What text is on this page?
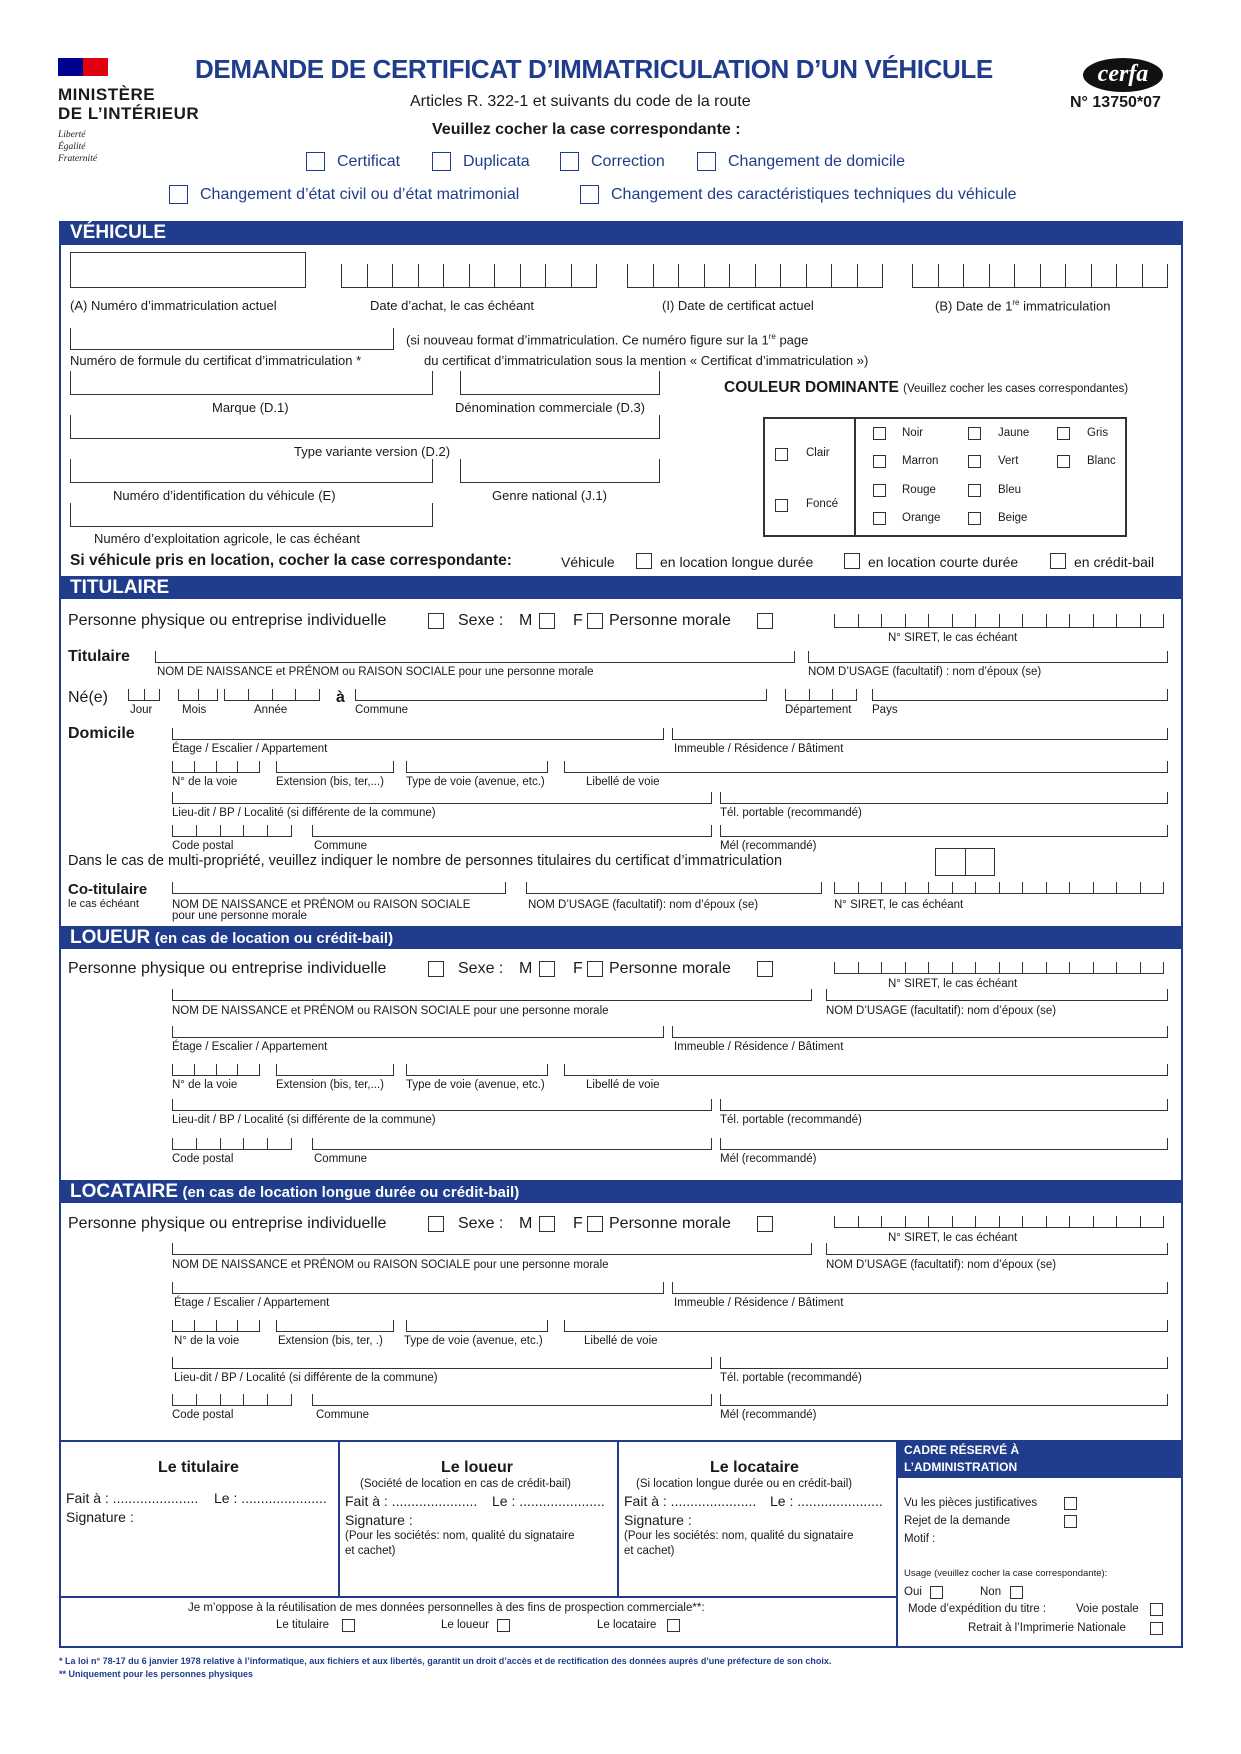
MINISTÈRE
DE L’INTÉRIEUR
Liberté
Égalité
Fraternité
DEMANDE DE CERTIFICAT D’IMMATRICULATION D’UN VÉHICULE
Articles R. 322-1 et suivants du code de la route
Veuillez cocher la case correspondante :
cerfa
N° 13750*07
Certificat	Duplicata	Correction	Changement de domicile
Changement d’état civil ou d’état matrimonial	Changement des caractéristiques techniques du véhicule
VÉHICULE
(A) Numéro d’immatriculation actuel	Date d’achat, le cas échéant	(I) Date de certificat actuel	(B) Date de 1re immatriculation
(si nouveau format d’immatriculation. Ce numéro figure sur la 1re page
Numéro de formule du certificat d’immatriculation *	du certificat d’immatriculation sous la mention « Certificat d’immatriculation »)
Marque (D.1)	Dénomination commerciale (D.3)
COULEUR DOMINANTE (Veuillez cocher les cases correspondantes)
Type variante version (D.2)
Numéro d’identification du véhicule (E)	Genre national (J.1)
Numéro d’exploitation agricole, le cas échéant
Clair
Foncé
Noir	Jaune	Gris
Marron	Vert	Blanc
Rouge	Bleu
Orange	Beige
Si véhicule pris en location, cocher la case correspondante:	Véhicule	en location longue durée	en location courte durée	en crédit-bail
TITULAIRE
Personne physique ou entreprise individuelle	Sexe : M	F Personne morale
N° SIRET, le cas échéant
Titulaire
NOM DE NAISSANCE et PRÉNOM ou RAISON SOCIALE pour une personne morale	NOM D’USAGE (facultatif) : nom d’époux (se)
Né(e)
Jour	Mois	Année
à
Commune	Département Pays
Domicile
Étage / Escalier / Appartement	Immeuble / Résidence / Bâtiment
N° de la voie	Extension (bis, ter,...) Type de voie (avenue, etc.)	Libellé de voie
Lieu-dit / BP / Localité (si différente de la commune)	Tél. portable (recommandé)
Code postal	Commune	Mél (recommandé)
Dans le cas de multi-propriété, veuillez indiquer le nombre de personnes titulaires du certificat d’immatriculation
Co-titulaire
le cas échéant	NOM DE NAISSANCE et PRÉNOM ou RAISON SOCIALE
pour une personne morale
NOM D’USAGE (facultatif): nom d’époux (se)	N° SIRET, le cas échéant
LOUEUR (en cas de location ou crédit-bail)
Personne physique ou entreprise individuelle	Sexe : M	F Personne morale
N° SIRET, le cas échéant
NOM DE NAISSANCE et PRÉNOM ou RAISON SOCIALE pour une personne morale	NOM D’USAGE (facultatif): nom d’époux (se)
Étage / Escalier / Appartement	Immeuble / Résidence / Bâtiment
N° de la voie	Extension (bis, ter,...) Type de voie (avenue, etc.)	Libellé de voie
Lieu-dit / BP / Localité (si différente de la commune)	Tél. portable (recommandé)
Code postal	Commune	Mél (recommandé)
LOCATAIRE (en cas de location longue durée ou crédit-bail)
Personne physique ou entreprise individuelle	Sexe : M	F Personne morale
N° SIRET, le cas échéant
NOM DE NAISSANCE et PRÉNOM ou RAISON SOCIALE pour une personne morale	NOM D’USAGE (facultatif): nom d’époux (se)
Étage / Escalier / Appartement	Immeuble / Résidence / Bâtiment
N° de la voie	Extension (bis, ter, .) Type de voie (avenue, etc.)	Libellé de voie
Lieu-dit / BP / Localité (si différente de la commune)	Tél. portable (recommandé)
Code postal	Commune	Mél (recommandé)
Le titulaire
Fait à : ...................... Le : ......................
Signature :
Le loueur
(Société de location en cas de crédit-bail)
Fait à : ...................... Le : ......................
Signature :
(Pour les sociétés: nom, qualité du signataire
et cachet)
Le locataire
(Si location longue durée ou en crédit-bail)
Fait à : ...................... Le : ......................
Signature :
(Pour les sociétés: nom, qualité du signataire
et cachet)
CADRE RÉSERVÉ À
L’ADMINISTRATION
Vu les pièces justificatives
Rejet de la demande
Motif :
Usage (veuillez cocher la case correspondante):
Oui	Non
Mode d’expédition du titre :	Voie postale
Retrait à l’Imprimerie Nationale
Je m’oppose à la réutilisation de mes données personnelles à des fins de prospection commerciale**:
Le titulaire	Le loueur	Le locataire
* La loi n° 78-17 du 6 janvier 1978 relative à l’informatique, aux fichiers et aux libertés, garantit un droit d’accès et de rectification des données auprès d’une préfecture de son choix.
** Uniquement pour les personnes physiques
